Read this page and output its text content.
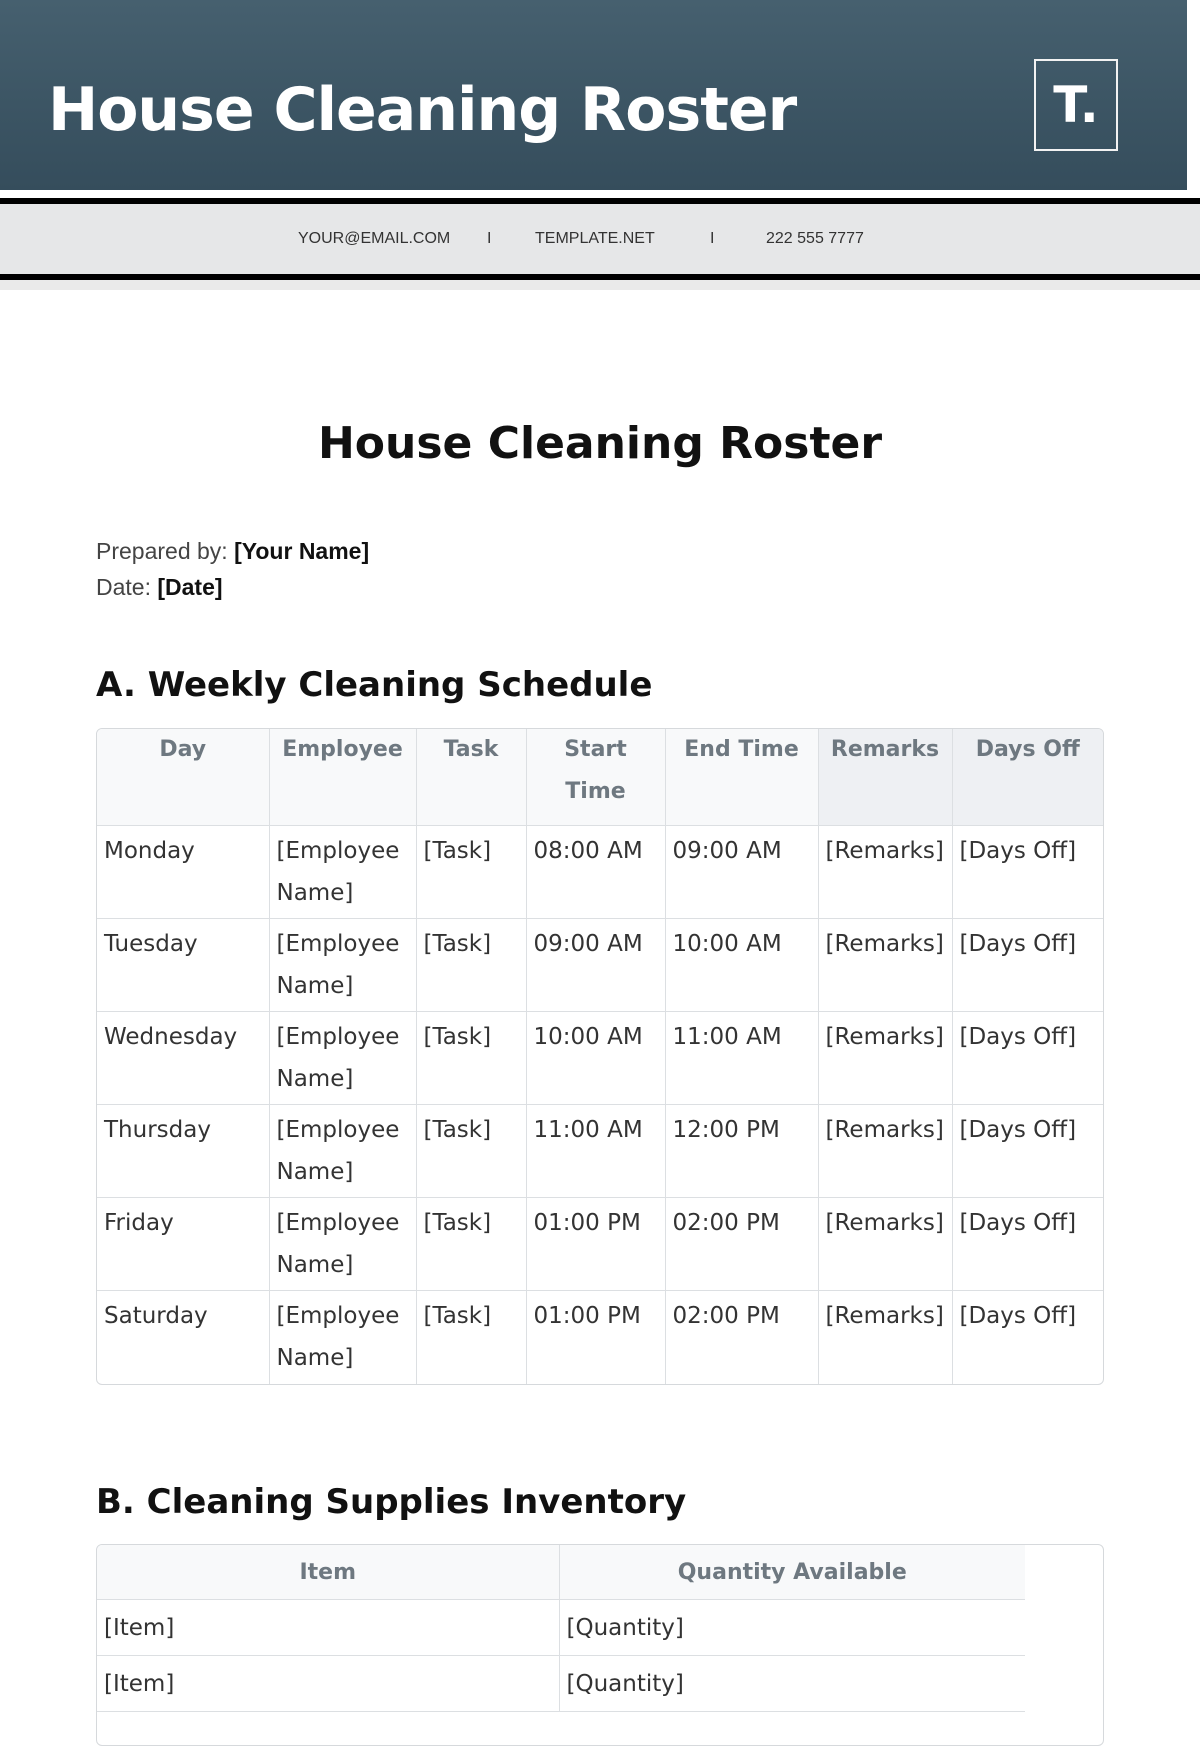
House Cleaning Roster	T.
YOUR@EMAIL.COM I	TEMPLATE.NET	I	222 555 7777
House Cleaning Roster
Prepared by: [Your Name]
Date: [Date]
A. Weekly Cleaning Schedule
Day	Employee	Task	Start Time	End Time	Remarks	Days Off
Monday	[Employee Name]	[Task]	08:00 AM	09:00 AM	[Remarks]	[Days Off]
Tuesday	[Employee Name]	[Task]	09:00 AM	10:00 AM	[Remarks]	[Days Off]
Wednesday	[Employee Name]	[Task]	10:00 AM	11:00 AM	[Remarks]	[Days Off]
Thursday	[Employee Name]	[Task]	11:00 AM	12:00 PM	[Remarks]	[Days Off]
Friday	[Employee Name]	[Task]	01:00 PM	02:00 PM	[Remarks]	[Days Off]
Saturday	[Employee Name]	[Task]	01:00 PM	02:00 PM	[Remarks]	[Days Off]
B. Cleaning Supplies Inventory
Item	Quantity Available
[Item]	[Quantity]
[Item]	[Quantity]
